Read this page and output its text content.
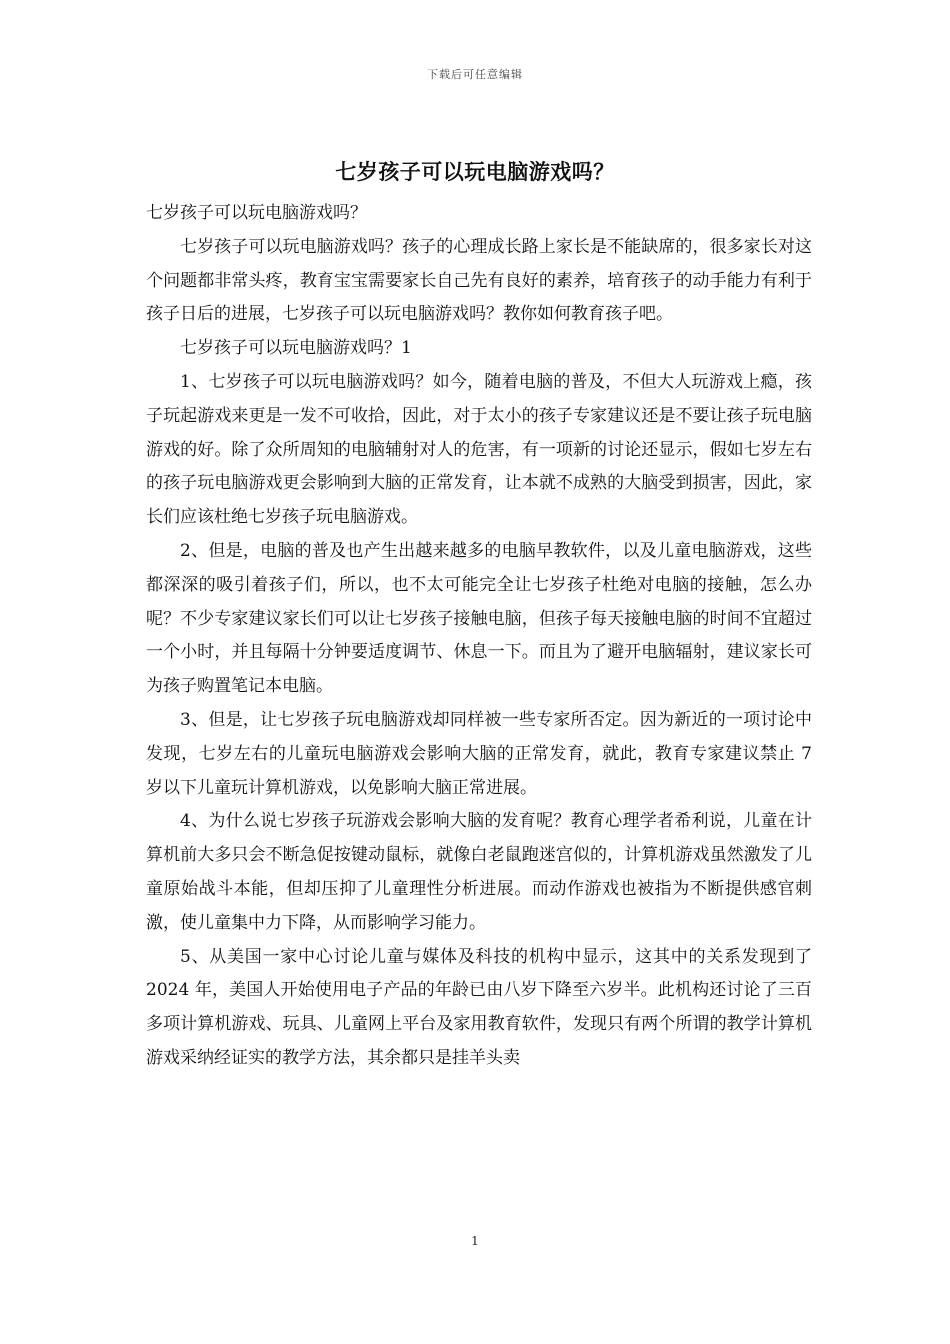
下载后可任意编辑
七岁孩子可以玩电脑游戏吗？

七岁孩子可以玩电脑游戏吗？

七岁孩子可以玩电脑游戏吗？孩子的心理成长路上家长是不能缺席的，很多家长对这个问题都非常头疼，教育宝宝需要家长自己先有良好的素养，培育孩子的动手能力有利于孩子日后的进展，七岁孩子可以玩电脑游戏吗？教你如何教育孩子吧。

七岁孩子可以玩电脑游戏吗？1

1、七岁孩子可以玩电脑游戏吗？如今，随着电脑的普及，不但大人玩游戏上瘾，孩子玩起游戏来更是一发不可收拾，因此，对于太小的孩子专家建议还是不要让孩子玩电脑游戏的好。除了众所周知的电脑辅射对人的危害，有一项新的讨论还显示，假如七岁左右的孩子玩电脑游戏更会影响到大脑的正常发育，让本就不成熟的大脑受到损害，因此，家长们应该杜绝七岁孩子玩电脑游戏。

2、但是，电脑的普及也产生出越来越多的电脑早教软件，以及儿童电脑游戏，这些都深深的吸引着孩子们，所以，也不太可能完全让七岁孩子杜绝对电脑的接触，怎么办呢？不少专家建议家长们可以让七岁孩子接触电脑，但孩子每天接触电脑的时间不宜超过一个小时，并且每隔十分钟要适度调节、休息一下。而且为了避开电脑辐射，建议家长可为孩子购置笔记本电脑。

3、但是，让七岁孩子玩电脑游戏却同样被一些专家所否定。因为新近的一项讨论中发现，七岁左右的儿童玩电脑游戏会影响大脑的正常发育，就此，教育专家建议禁止 7 岁以下儿童玩计算机游戏，以免影响大脑正常进展。

4、为什么说七岁孩子玩游戏会影响大脑的发育呢？教育心理学者希利说，儿童在计算机前大多只会不断急促按键动鼠标，就像白老鼠跑迷宫似的，计算机游戏虽然激发了儿童原始战斗本能，但却压抑了儿童理性分析进展。而动作游戏也被指为不断提供感官刺激，使儿童集中力下降，从而影响学习能力。

5、从美国一家中心讨论儿童与媒体及科技的机构中显示，这其中的关系发现到了 2024 年，美国人开始使用电子产品的年龄已由八岁下降至六岁半。此机构还讨论了三百多项计算机游戏、玩具、儿童网上平台及家用教育软件，发现只有两个所谓的教学计算机游戏采纳经证实的教学方法，其余都只是挂羊头卖

1
